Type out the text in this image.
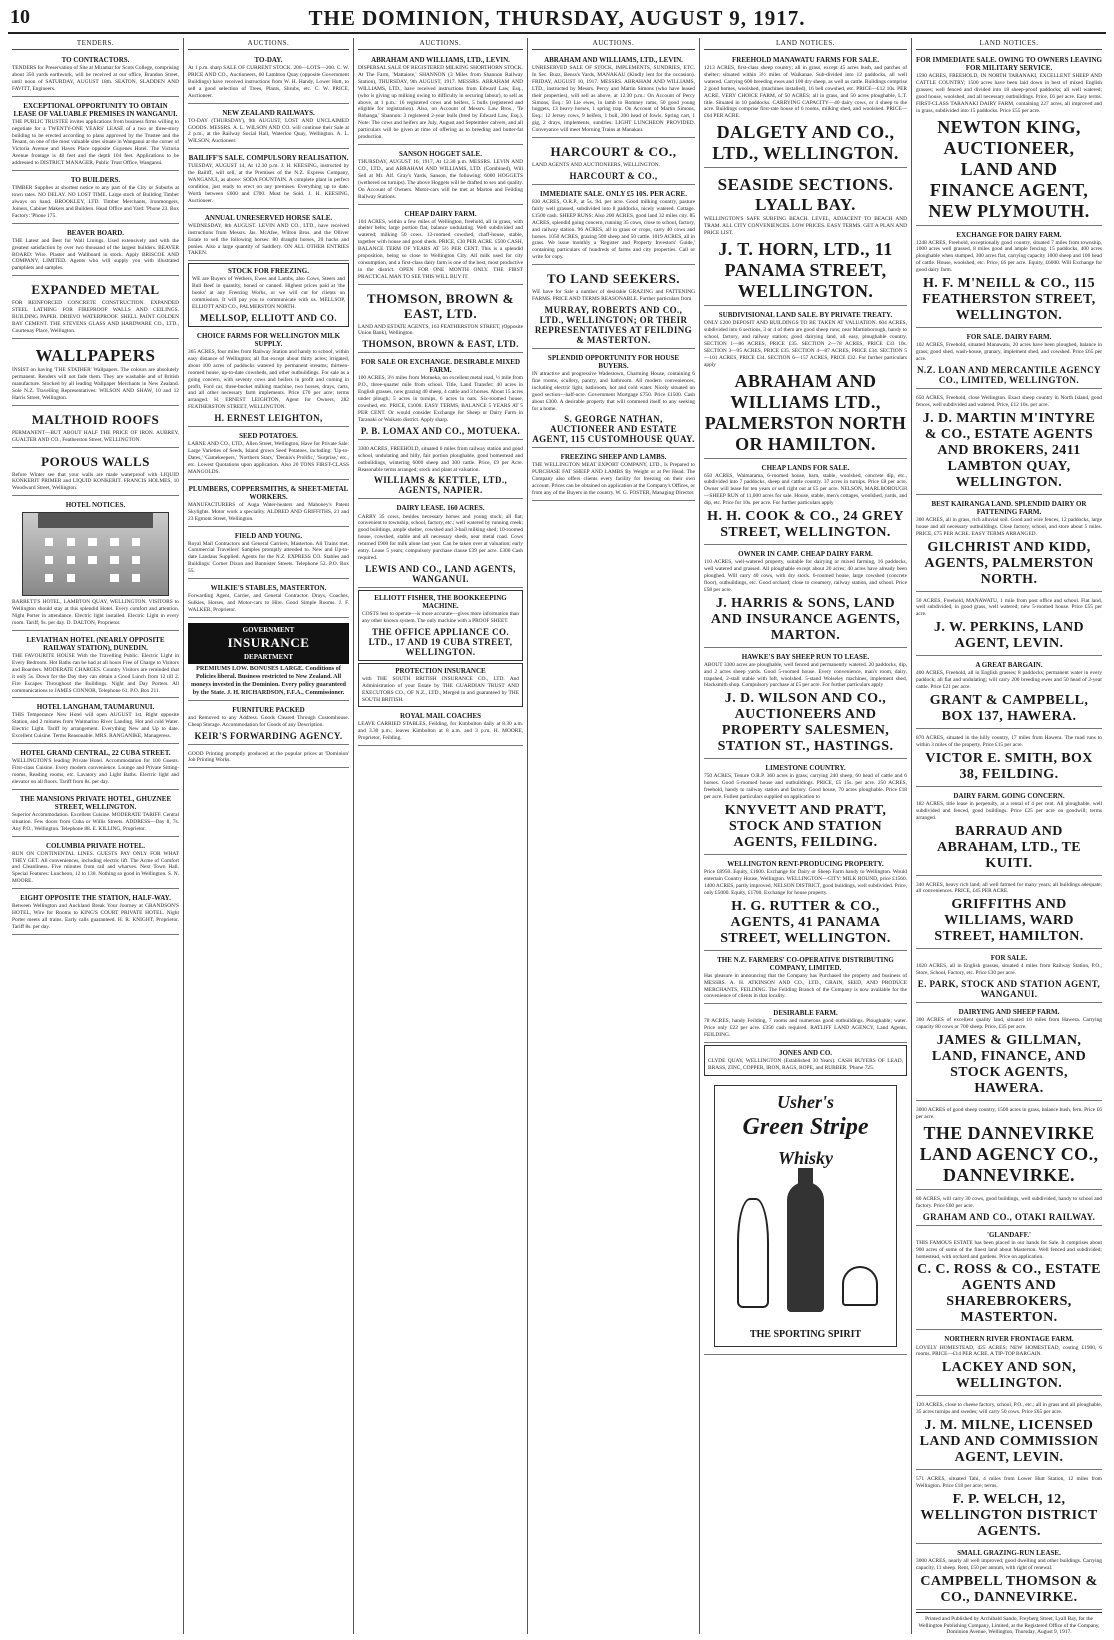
10	THE DOMINION, THURSDAY, AUGUST 9, 1917.
TENDERS.
TO CONTRACTORS.
TENDERS for Preservation of Site at Miramar for Scots College, comprising about 350 yards earthwork, will be received at our office, Brandon Street, until noon of SATURDAY, AUGUST 18th. SEATON, SLADDEN AND FAVITT, Engineers.
EXCEPTIONAL OPPORTUNITY TO OBTAIN LEASE OF VALUABLE PREMISES IN WANGANUI.
THE PUBLIC TRUSTEE invites applications from business firms willing to negotiate for a TWENTY-ONE YEARS' LEASE of a two or three-story building to be erected according to plans approved by the Trustee and the Tenant, on one of the most valuable sites situate in Wanganui at the corner of Victoria Avenue and Haves Place opposite Guyenes Hotel. The Victoria Avenue frontage is 48 feet and the depth 104 feet. Applications to be addressed to DISTRICT MANAGER, Public Trust Office, Wanganui.
TO BUILDERS.
TIMBER Supplies at shortest notice to any part of the City or Suburbs at town rates. NO DELAY. NO LOST TIME. Large stock of Building Timber always on hand. BROOKLEY, LTD. Timber Merchants, Ironmongers, Joiners, Cabinet Makers and Builders. Head Office and Yard: 'Phone 23. Box Factory: 'Phone 175.
BEAVER BOARD.
THE Latest and Best for Wall Linings. Used extensively and with the greatest satisfaction by over two thousand of the largest builders. BEAVER BOARD: Wire. Plaster and Wallboard in stock. Apply BRISCOE AND COMPANY, LIMITED. Agents who will supply you with illustrated pamphlets and samples.
EXPANDED METAL
FOR REINFORCED CONCRETE CONSTRUCTION. EXPANDED STEEL LATHING FOR FIREPROOF WALLS AND CEILINGS. BUILDING PAPER. DRIEVO WATERPROOF. SHELL PAINT GOLDEN BAY CEMENT. THE STEVENS GLASS AND HARDWARE CO., LTD., Courtenay Place, Wellington.
WALLPAPERS
INSIST on having 'THE STATHER' Wallpapers. The colours are absolutely permanent. Renders will not fade them. They are washable and of British manufacture. Stocked by all leading Wallpaper Merchants in New Zealand. Sole N.Z. Travelling Representatives: WILSON AND SHAW, 10 and 12 Harris Street, Wellington.
MALTHOID ROOFS
PERMANENT—BUT ABOUT HALF THE PRICE OF IRON. AUBREY, GUALTER AND CO., Featherston Street, WELLINGTON.
POROUS WALLS
Before Winter see that your walls are made waterproof with LIQUID KONKERIT PRIMER and LIQUID KONKERIT. FRANCIS HOLMES, 10 Woodward Street, Wellington.
HOTEL NOTICES.
BARRETT'S HOTEL, LAMBTON QUAY, WELLINGTON. VISITORS to Wellington should stay at this splendid Hotel. Every comfort and attention. Night Porter in attendance. Electric light installed. Electric Light in every room. Tariff, 9s. per day. D. DALTON, Proprietor.
LEVIATHAN HOTEL (NEARLY OPPOSITE RAILWAY STATION), DUNEDIN.
THE FAVOURITE HOUSE With the Travelling Public. Electric Light in Every Bedroom. Hot Baths can be had at all hours Free of Charge to Visitors and Boarders. MODERATE CHARGES. Country Visitors are reminded that it only 5s. Down for the Day they can obtain a Good Lunch from 12 till 2. Fire Escapes Throughout the Buildings. Night and Day Porters. All communications to JAMES CONNOR, Telephone 61. P.O. Box 211.
HOTEL LANGHAM, TAUMARUNUI.
THIS Temperance New Hotel will open AUGUST 1st. Right opposite Station, and 2 minutes from Waimarino River Landing. Hot and cold Water. Electric Light. Tariff by arrangement. Everything New and Up to date. Excellent Cuisine. Terms Reasonable. MRS. RANGANIKE, Manageress.
HOTEL GRAND CENTRAL, 22 CUBA STREET.
WELLINGTON'S leading Private Hotel. Accommodation for 100 Guests. First-class Cuisine. Every modern convenience. Lounge and Private Sitting-rooms, Reading rooms, etc. Lavatory and Light Baths. Electric light and elevator on all floors. Tariff from 8s. per day.
THE MANSIONS PRIVATE HOTEL, GHUZNEE STREET, WELLINGTON.
Superior Accommodation. Excellent Cuisine. MODERATE TARIFF. Central situation. Few doors from Cuba or Willis Streets. ADDRESS—Day 8, 7s. Any P.O., Wellington. Telephone 88. E. KILLING, Proprietor.
COLUMBIA PRIVATE HOTEL.
RUN ON CONTINENTAL LINES. GUESTS PAY ONLY FOR WHAT THEY GET. All conveniences, including electric lift. The Acme of Comfort and Cleanliness. Five minutes from rail and wharves. Next Town Hall. Special Features: Luncheon, 12 to 130. Nothing so good in Wellington. S. N. MOORE.
EIGHT OPPOSITE THE STATION, HALF-WAY.
Between Wellington and Auckland Break Your Journey at GRANDSON'S HOTEL, Wire for Rooms to KING'S COURT PRIVATE HOTEL. Night Porter meets all trains. Early calls guaranteed. H. R. KNIGHT, Proprietor. Tariff 8s. per day.
AUCTIONS.
TO-DAY.
At 1 p.m. sharp SALE OF CURRENT STOCK. 200—LOTS—200. C. W. PRICE AND CO., Auctioneers, 60 Lambton Quay (opposite Government Buildings) have received instructions from W. H. Handy, Lower Hutt, to sell a good selection of Trees, Plants, Shrubs, etc. C. W. PRICE, Auctioneer.
NEW ZEALAND RAILWAYS.
TO-DAY (THURSDAY), 9th AUGUST, LOST AND UNCLAIMED GOODS. MESSRS. A. L. WILSON AND CO. will continue their Sale at 2 p.m., at the Railway Social Hall, Waterloo Quay, Wellington. A. L. WILSON, Auctioneer.
BAILIFF'S SALE. COMPULSORY REALISATION.
TUESDAY, AUGUST 14, At 12.30 p.m. J. H. KEESING, instructed by the Bailiff, will sell, at the Premises of the N.Z. Express Company, WANGANUI, as above: SODA FOUNTAIN. A complete plant in perfect condition, just ready to erect on any premises. Everything up to date. Worth between £600 and £700. Must be Sold. J. H. KEESING, Auctioneer.
ANNUAL UNRESERVED HORSE SALE.
WEDNESDAY, 8th AUGUST. LEVIN AND CO., LTD., have received instructions from Messrs. Jas. McAfee, Wilton Bros. and the Olliver Estate to sell the following horses: 80 draught horses, 20 hacks and ponies. Also a large quantity of Saddlery. ON ALL OTHER ENTRIES TAKEN.
STOCK FOR FREEZING.
WE are Buyers of Wethers, Ewes and Lambs, also Cows, Steers and Bull Beef in quantity, boned or canned. Highest prices paid at 'the books' at any Freezing Works, or we will cut for clients on commission. It will pay you to communicate with us. MELLSOP, ELLIOTT AND CO., PALMERSTON NORTH.
MELLSOP, ELLIOTT AND CO.
CHOICE FARMS FOR WELLINGTON MILK SUPPLY.
365 ACRES, four miles from Railway Station and handy to school, within easy distance of Wellington; all flat except about thirty acres; irrigated, about 100 acres of paddocks watered by permanent streams; thirteen-roomed house, up-to-date cowsheds, and other outbuildings. For sale as a going concern, with seventy cows and heifers in profit and coming in profit, Ford car, three-bucket milking machine, two horses, drays, carts, and all other necessary farm implements. Price £70 per acre; terms arranged. H. ERNEST LEIGHTON, Agent for Owners, 282 FEATHERSTON STREET, WELLINGTON.
H. ERNEST LEIGHTON,
SEED POTATOES.
LARNE AND CO., LTD., Allen Street, Wellington, Have for Private Sale: Large Varieties of Seeds, Island grown Seed Potatoes, including: 'Up-to-Dates,' 'Gamekeepers,' 'Northern Stars,' 'Dennis's Prolific,' 'Surprise,' etc., etc. Lowest Quotations upon application. Also 20 TONS FIRST-CLASS MANGOLDS.
PLUMBERS, COPPERSMITHS, & SHEET-METAL WORKERS.
MANUFACTURERS of Auga Water-heaters and Mahoney's Patent Skylights. Motor work a speciality. ALDRED AND GRIFFITHS, 21 and 23 Egmont Street, Wellington.
FIELD AND YOUNG.
Royal Mail Contractors and General Carriers, Masterton. All Trains met. Commercial Travellers' Samples promptly attended to. New and Up-to-date Landaus Supplied. Agents for the N.Z. EXPRESS CO. Stables and Buildings: Corner Dixon and Bannister Streets. Telephone 52. P.O. Box 55.
WILKIE'S STABLES, MASTERTON.
Forwarding Agent, Carrier, and General Contractor. Drays, Coaches, Sulkies, Horses, and Motor-cars to Hire. Good Simple Rooms. J. F. WALKER, Proprietor.
GOVERNMENT
INSURANCE
DEPARTMENT
PREMIUMS LOW. BONUSES LARGE. Conditions of Policies liberal. Business restricted to New Zealand. All moneys invested in the Dominion. Every policy guaranteed by the State. J. H. RICHARDSON, F.F.A., Commissioner.
FURNITURE PACKED
and Removed to any Address. Goods Cleared Through Customhouse. Cheap Storage. Accommodation for Goods of any Description.
KEIR'S FORWARDING AGENCY.
GOOD Printing promptly produced at the popular prices at 'Dominion' Job Printing Works.
AUCTIONS.
ABRAHAM AND WILLIAMS, LTD., LEVIN.
DISPERSAL SALE OF REGISTERED MILKING SHORTHORN STOCK. At The Farm, 'Mattaiote,' SHANNON (3 Miles from Shannon Railway Station), THURSDAY, 9th AUGUST, 1917. MESSRS. ABRAHAM AND WILLIAMS, LTD., have received instructions from Edward Law, Esq., (who is giving up milking owing to difficulty in securing labour), to sell as above, at 1 p.m.: 16 registered cows and heifers, 5 bulls (registered and eligible for registration). Also, on Account of Messrs. Law Bros., 'Te Rohanga,' Shannon: 3 registered 2-year bulls (bred by Edward Law, Esq.). Note: The cows and heifers are July, August and September calvers, and all particulars will be given at time of offering as to breeding and butter-fat production.
SANSON HOGGET SALE.
THURSDAY, AUGUST 16, 1917, At 12.30 p.m. MESSRS. LEVIN AND CO., LTD., and ABRAHAM AND WILLIAMS, LTD. (Combined), Will Sell at Mr. Alf. Gray's Yards, Sanson, the following: 6000 HOGGETS (wethered on turnips). The above Hoggets will be drafted to sex and quality. On Account of Owners. Motor-cars will be met at Marton and Feilding Railway Stations.
CHEAP DAIRY FARM.
104 ACRES, within a few miles of Wellington, freehold, all in grass, with shelter belts; large portion flat, balance undulating. Well subdivided and watered; milking 50 cows. 12-roomed cowshed, chaff-house, stable, together with house and good sheds. PRICE, £30 PER ACRE. £500 CASH, BALANCE TERM OF YEARS AT 5½ PER CENT. This is a splendid proposition, being so close to Wellington City. All milk used for city consumption, and a first-class dairy farm is one of the best, most productive in the district. OPEN FOR ONE MONTH ONLY. THE FIRST PRACTICAL MAN TO SEE THIS WILL BUY IT.
THOMSON, BROWN & EAST, LTD.
LAND AND ESTATE AGENTS, 163 FEATHERSTON STREET, (Opposite Union Bank), Wellington.
THOMSON, BROWN & EAST, LTD.
FOR SALE OR EXCHANGE. DESIRABLE MIXED FARM.
100 ACRES, 3½ miles from Motueka, on excellent metal road, ½ mile from P.O., three-quarter mile from school. Title, Land Transfer; 40 acres in English grasses, now grazing 40 sheep, 4 cattle and 3 horses. About 15 acres under plough; 5 acres in turnips, 6 acres in oats. Six-roomed house, cowshed, etc. PRICE, £1000. EASY TERMS, BALANCE 5 YEARS AT 5 PER CENT. Or would consider Exchange for Sheep or Dairy Farm in Taranaki or Waikato district. Apply sharp.
P. B. LOMAX AND CO., MOTUEKA.
3300 ACRES, FREEHOLD, situated 6 miles from railway station and good school, undulating and hilly, fair portion ploughable, good homestead and outbuildings, wintering 6000 sheep and 300 cattle. Price, £9 per Acre. Reasonable terms arranged; stock and plant at valuation.
WILLIAMS & KETTLE, LTD., AGENTS, NAPIER.
DAIRY LEASE. 160 ACRES.
CARRY 35 cows, besides necessary horses and young stock; all flat; convenient to township, school, factory, etc.; well watered by running creek; good buildings, ample shelter, cowshed and 3-bail milking shed; 10-roomed house, cowshed, stable and all necessary sheds, near metal road. Cows returned £900 for milk alone last year. Can be taken over at valuation; early entry. Lease 5 years; compulsory purchase clause £39 per acre. £300 Cash required.
LEWIS AND CO., LAND AGENTS, WANGANUI.
ELLIOTT FISHER, THE BOOKKEEPING MACHINE.
COSTS less to operate—is more accurate—gives more information than any other known system. The only machine with a PROOF SHEET.
THE OFFICE APPLIANCE CO. LTD., 17 AND 19 CUBA STREET, WELLINGTON.
PROTECTION INSURANCE
with THE SOUTH BRITISH INSURANCE CO., LTD. And Administration of your Estate by THE GUARDIAN TRUST AND EXECUTORS CO., OF N.Z., LTD., Merged in and guaranteed by THE SOUTH BRITISH.
ROYAL MAIL COACHES
LEAVE CARRIED STABLES, Feilding, for Kimbolton daily at 8.30 a.m. and 3.30 p.m.; leaves Kimbolton at 8 a.m. and 3 p.m. H. MOORE, Proprietor, Feilding.
AUCTIONS.
ABRAHAM AND WILLIAMS, LTD., LEVIN.
UNRESERVED SALE OF STOCK, IMPLEMENTS, SUNDRIES, ETC. In Sec. Buzz, Benss's Yards, MANAKAU (Kindly lent for the occasion). FRIDAY, AUGUST 10, 1917. MESSRS. ABRAHAM AND WILLIAMS, LTD., instructed by Messrs. Percy and Martin Simons (who have leased their properties), will sell as above, at 12.30 p.m.: On Account of Percy Simons, Esq.: 50 Lie ewes, in lamb to Romney rams, 50 good young hoggets, 13 heavy horses, 1 spring trap. On Account of Martin Simons, Esq.: 12 Jersey cows, 9 heifers, 1 bull, 200 head of fowls. Spring cart, 1 gig, 2 drays, implements, sundries. LIGHT LUNCHEON PROVIDED. Conveyance will meet Morning Trains at Manakau.
HARCOURT & CO.,
LAND AGENTS AND AUCTIONEERS, WELLINGTON.
HARCOURT & CO.,
IMMEDIATE SALE. ONLY £5 10S. PER ACRE.
830 ACRES, O.R.P., at 5s. 9d. per acre. Good milking country, pasture fairly well grassed, subdivided into 8 paddocks, nicely watered. Cottage. £1500 cash. SHEEP RUNS: Also 200 ACRES, good land 32 miles city. 85 ACRES, splendid going concern, running 35 cows, close to school, factory, and railway station. 96 ACRES, all in grass or crops, carry 40 cows and horses. 1050 ACRES, grazing 500 sheep and 50 cattle. 1019 ACRES, all in grass. We issue monthly a 'Register and Property Investors' Guide,' containing particulars of hundreds of farms and city properties. Call or write for copy.
TO LAND SEEKERS.
WE have for Sale a number of desirable GRAZING and FATTENING FARMS. PRICE AND TERMS REASONABLE. Further particulars from
MURRAY, ROBERTS AND CO., LTD., WELLINGTON; OR THEIR REPRESENTATIVES AT FEILDING & MASTERTON.
SPLENDID OPPORTUNITY FOR HOUSE BUYERS.
IN attractive and progressive Wadestown, Charming House, containing 6 fine rooms, scullery, pantry, and bathroom. All modern conveniences, including electric light, bathroom, hot and cold water. Nicely situated on good section—half-acre. Government Mortgage £750. Price £1500. Cash about £300. A desirable property that will commend itself to any seeking for a home.
S. GEORGE NATHAN, AUCTIONEER AND ESTATE AGENT, 115 CUSTOMHOUSE QUAY.
FREEZING SHEEP AND LAMBS.
THE WELLINGTON MEAT EXPORT COMPANY, LTD., Is Prepared to PURCHASE FAT SHEEP AND LAMBS By Weight or at Per Head. The Company also offers clients every facility for freezing on their own account. Prices can be obtained on application at the Company's Offices, or from any of the Buyers in the country. W. G. FOSTER, Managing Director.
LAND NOTICES.
FREEHOLD MANAWATU FARMS FOR SALE.
1213 ACRES, first-class sheep country; all in grass, except 45 acres bush, and patches of shelter; situated within 3½ miles of Waikanae. Sub-divided into 12 paddocks, all well watered. Carrying 600 breeding ewes and 100 dry sheep, as well as cattle. Buildings comprise 2 good homes, woolshed, (machines installed), 16 bell cowshed, etc. PRICE—£12 10s. PER ACRE. VERY CHOICE FARM, of 50 ACRES; all in grass, and 50 acres ploughable, L.T. title. Situated in 10 paddocks. CARRYING CAPACITY—40 dairy cows, or 4 sheep to the acre. Buildings comprise first-rate house of 6 rooms, milking shed, and woolshed. PRICE—£64 PER ACRE.
DALGETY AND CO., LTD., WELLINGTON.
SEASIDE SECTIONS. LYALL BAY.
WELLINGTON'S SAFE SURFING BEACH. LEVEL, ADJACENT TO BEACH AND TRAM. ALL CITY CONVENIENCES. LOW PRICES. EASY TERMS. GET A PLAN AND PRICE LIST.
J. T. HORN, LTD., 11 PANAMA STREET, WELLINGTON.
SUBDIVISIONAL LAND SALE. BY PRIVATE TREATY.
ONLY £200 DEPOSIT AND BUILDINGS TO BE TAKEN AT VALUATION. 604 ACRES, subdivided into 6 sections, 3 or 4 of them are good sheep runs; near Martinborough, handy to school, factory, and railway station; good dairying land, all easy, ploughable country. SECTION 1—86 ACRES, PRICE £35. SECTION 2—78 ACRES, PRICE £33 10s. SECTION 3—95 ACRES, PRICE £35. SECTION 4—87 ACRES, PRICE £34. SECTION 5—101 ACRES, PRICE £34. SECTION 6—157 ACRES, PRICE £32. For further particulars apply
ABRAHAM AND WILLIAMS LTD., PALMERSTON NORTH OR HAMILTON.
CHEAP LANDS FOR SALE.
650 ACRES, Waimarama, 6-roomed house, barn, stable, woolshed, concrete dip, etc., subdivided into 7 paddocks, sheep and cattle country. 37 acres in turnips. Price £8 per acre. Owner will lease for ten years or sell right out at £5 per acre. NELSON, MARLBOROUGH—SHEEP RUN of 11,000 acres for sale. House, stable, men's cottages, woolshed, yards, and dip, etc. Price for 10s. per acre. For further particulars apply
H. H. COOK & CO., 24 GREY STREET, WELLINGTON.
OWNER IN CAMP. CHEAP DAIRY FARM.
110 ACRES, well-watered property, suitable for dairying or mixed farming, 16 paddocks, well watered and grassed. All ploughable except about 20 acres; 40 acres have already been ploughed. Will carry 40 cows, with dry stock. 6-roomed house, large cowshed (concrete floor), outbuildings, etc. Good orchard; close to creamery, railway station, and school. Price £58 per acre.
J. HARRIS & SONS, LAND AND INSURANCE AGENTS, MARTON.
HAWKE'S BAY SHEEP RUN TO LEASE.
ABOUT 3300 acres are ploughable, well fenced and permanently watered. 20 paddocks, dip, and 2 acres sheep yards. Good 5-roomed house. Every convenience, man's room, dairy, trapshed, 2-stall stable with loft, woolshed. 5-stand Wolseley machines, implement shed, blacksmith shop. Compulsory purchase at £5 per acre. For further particulars apply
J. D. WILSON AND CO., AUCTIONEERS AND PROPERTY SALESMEN, STATION ST., HASTINGS.
LIMESTONE COUNTRY.
750 ACRES, Tenure O.R.P. 360 acres in grass; carrying 240 sheep, 60 head of cattle and 6 horses. Good 5-roomed house and outbuildings. PRICE, £5 15s. per acre. 250 ACRES, freehold, handy to railway station and factory. Good house, 70 acres ploughable. Price £18 per acre. Fullest particulars supplied on application to
KNYVETT AND PRATT, STOCK AND STATION AGENTS, FEILDING.
WELLINGTON RENT-PRODUCING PROPERTY.
Price £8950. Equity, £1600. Exchange for Dairy or Sheep Farm handy to Wellington. Would entertain Country House, Wellington. WELLINGTON—CITY: MILK ROUND, price £1560. 1400 ACRES, partly improved, NELSON DISTRICT, good buildings, well subdivided. Price, only £5000. Equity, £1700. Exchange for house property.
H. G. RUTTER & CO., AGENTS, 41 PANAMA STREET, WELLINGTON.
THE N.Z. FARMERS' CO-OPERATIVE DISTRIBUTING COMPANY, LIMITED.
Has pleasure in announcing that the Company has Purchased the property and business of MESSRS. A. H. ATKINSON AND CO., LTD., GRAIN, SEED, AND PRODUCE MERCHANTS, FEILDING. The Feilding Branch of the Company is now available for the convenience of clients in that locality.
DESIRABLE FARM.
78 ACRES, handy Feilding, 7 rooms and numerous good outbuildings. Ploughable; water. Price only £22 per acre. £350 cash required. RATLIFF LAND AGENCY, Land Agents, FEILDING.
JONES AND CO.
CLYDE QUAY, WELLINGTON (Established 30 Years). CASH BUYERS OF LEAD, BRASS, ZINC, COPPER, IRON, RAGS, ROPE, and RUBBER. 'Phone 725.
Usher's
Green Stripe
Whisky
THE SPORTING SPIRIT
LAND NOTICES.
FOR IMMEDIATE SALE. OWING TO OWNERS LEAVING FOR MILITARY SERVICE.
1590 ACRES, FREEHOLD, IN NORTH TARANAKI, EXCELLENT SHEEP AND CATTLE COUNTRY; 1500 acres have been laid down in best of mixed English grasses; well fenced and divided into 18 sheep-proof paddocks; all well watered; good house, woolshed, and all necessary outbuildings. Price, £6 per acre. Easy terms. FIRST-CLASS TARANAKI DAIRY FARM, containing 227 acres, all improved and in grass, subdivided into 15 paddocks. Price £55 per acre.
NEWTON KING, AUCTIONEER, LAND AND FINANCE AGENT, NEW PLYMOUTH.
EXCHANGE FOR DAIRY FARM.
1248 ACRES, Freehold, exceptionally good country, situated 7 miles from township, 1000 acres well grassed, 8 miles good and ample fencing. 15 paddocks, 400 acres ploughable when stumped, 300 acres flat, carrying capacity 1000 sheep and 100 head of cattle. House, woolshed, etc. Price, £6 per acre. Equity, £6000. Will Exchange for good dairy farm.
H. F. M'NEILL & CO., 115 FEATHERSTON STREET, WELLINGTON.
FOR SALE. DAIRY FARM.
102 ACRES, Freehold, situated Manawatu, 20 acres have been ploughed, balance in grass; good shed, wash-house, granary, implement shed, and cowshed. Price £65 per acre.
N.Z. LOAN AND MERCANTILE AGENCY CO., LIMITED, WELLINGTON.
650 ACRES, Freehold, close Wellington. Exact sheep country in North Island, good fences, well subdivided and watered. Price, £12 10s. per acre.
J. D. MARTIN M'INTYRE & CO., ESTATE AGENTS AND BROKERS, 2411 LAMBTON QUAY, WELLINGTON.
BEST KAIRANGA LAND. SPLENDID DAIRY OR FATTENING FARM.
300 ACRES, all in grass, rich alluvial soil. Good and wire fences, 12 paddocks, large house and all necessary outbuildings. Close factory, school, and store about 5 miles. PRICE, £75 PER ACRE. EASY TERMS ARRANGED.
GILCHRIST AND KIDD, AGENTS, PALMERSTON NORTH.
50 ACRES, Freehold, MANAWATU, 1 mile from post office and school. Flat land, well subdivided, in good grass, well watered; new 5-roomed house. Price £55 per acre.
J. W. PERKINS, LAND AGENT, LEVIN.
A GREAT BARGAIN.
400 ACRES, Freehold, all in English grasses; 8 paddocks; permanent water in every paddock; all flat and undulating; will carry 200 breeding ewes and 50 head of 2-year cattle. Price £21 per acre.
GRANT & CAMPBELL, BOX 137, HAWERA.
870 ACRES, situated in the hilly country, 17 miles from Hawera. The road runs to within 3 miles of the property. Price £15 per acre.
VICTOR E. SMITH, BOX 38, FEILDING.
DAIRY FARM. GOING CONCERN.
182 ACRES, title lease in perpetuity, at a rental of 4 per cent. All ploughable, well subdivided and fenced, good buildings. Price £25 per acre on goodwill; terms arranged.
BARRAUD AND ABRAHAM, LTD., TE KUITI.
340 ACRES, heavy rich land; all well farmed for many years; all buildings adequate; all conveniences. PRICE, £45 PER ACRE.
GRIFFITHS AND WILLIAMS, WARD STREET, HAMILTON.
FOR SALE.
1020 ACRES, all in English grasses, situated 4 miles from Railway Station, P.O., Store, School, Factory, etc. Price £30 per acre.
E. PARK, STOCK AND STATION AGENT, WANGANUI.
DAIRYING AND SHEEP FARM.
300 ACRES of excellent quality land, situated 10 miles from Hawera. Carrying capacity 80 cows or 700 sheep. Price, £35 per acre.
JAMES & GILLMAN, LAND, FINANCE, AND STOCK AGENTS, HAWERA.
3000 ACRES of good sheep country, 1500 acres in grass, balance bush, fern. Price £6 per acre.
THE DANNEVIRKE LAND AGENCY CO., DANNEVIRKE.
80 ACRES, will carry 30 cows, good buildings, well subdivided, handy to school and factory. Price £60 per acre.
GRAHAM AND CO., OTAKI RAILWAY.
'GLANDAFF.'
THIS FAMOUS ESTATE has been placed in our hands for Sale. It comprises about 900 acres of some of the finest land about Masterton. Well fenced and subdivided; homestead, with orchard and gardens. Price on application.
C. C. ROSS & CO., ESTATE AGENTS AND SHAREBROKERS, MASTERTON.
NORTHERN RIVER FRONTAGE FARM.
LOVELY HOMESTEAD, 425 ACRES; NEW HOMESTEAD, costing £1900, 6 rooms. PRICE—£14 PER ACRE. A TIP-TOP BARGAIN.
LACKEY AND SON, WELLINGTON.
120 ACRES, close to cheese factory, school, P.O., etc.; all in grass and all ploughable, 35 acres turnips and swedes; will carry 50 cows. Price £65 per acre.
J. M. MILNE, LICENSED LAND AND COMMISSION AGENT, LEVIN.
571 ACRES, situated Tahi, 4 miles from Lower Hutt Station, 12 miles from Wellington. Price £18 per acre; terms.
F. P. WELCH, 12, WELLINGTON DISTRICT AGENTS.
SMALL GRAZING-RUN LEASE.
3000 ACRES, nearly all well improved; good dwelling and other buildings. Carrying capacity, 11 sheep. Rent, £50 per annum, with right of renewal.
CAMPBELL THOMSON & CO., DANNEVIRKE.
Printed and Published by Archibald Sando, Freyberg Street, Lyall Bay, for the Wellington Publishing Company, Limited, at the Registered Office of the Company, Dominion Avenue, Wellington, Thursday, August 9, 1917.
